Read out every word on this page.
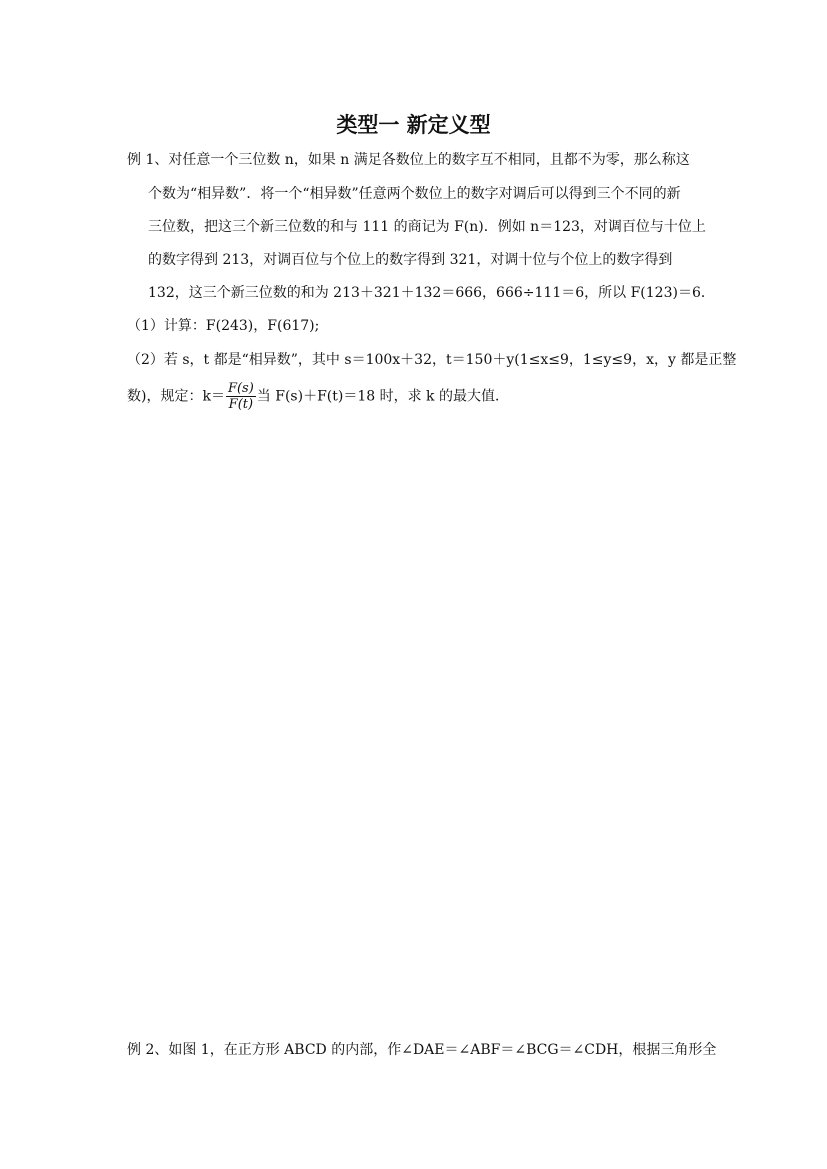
类型一 新定义型
例 1、对任意一个三位数 n，如果 n 满足各数位上的数字互不相同，且都不为零，那么称这
个数为“相异数”．将一个“相异数”任意两个数位上的数字对调后可以得到三个不同的新
三位数，把这三个新三位数的和与 111 的商记为 F(n)．例如 n＝123，对调百位与十位上
的数字得到 213，对调百位与个位上的数字得到 321，对调十位与个位上的数字得到
132，这三个新三位数的和为 213＋321＋132＝666，666÷111＝6，所以 F(123)＝6．
（1）计算：F(243)，F(617);
（2）若 s，t 都是“相异数”，其中 s＝100x＋32，t＝150＋y(1≤x≤9，1≤y≤9，x，y 都是正整
数)，规定：$k= \frac{F(s)}{F(t)}$ 当 F(s)＋F(t)＝18 时，求 k 的最大值．
例 2、如图 1，在正方形 ABCD 的内部，作∠DAE＝∠ABF＝∠BCG＝∠CDH，根据三角形全
